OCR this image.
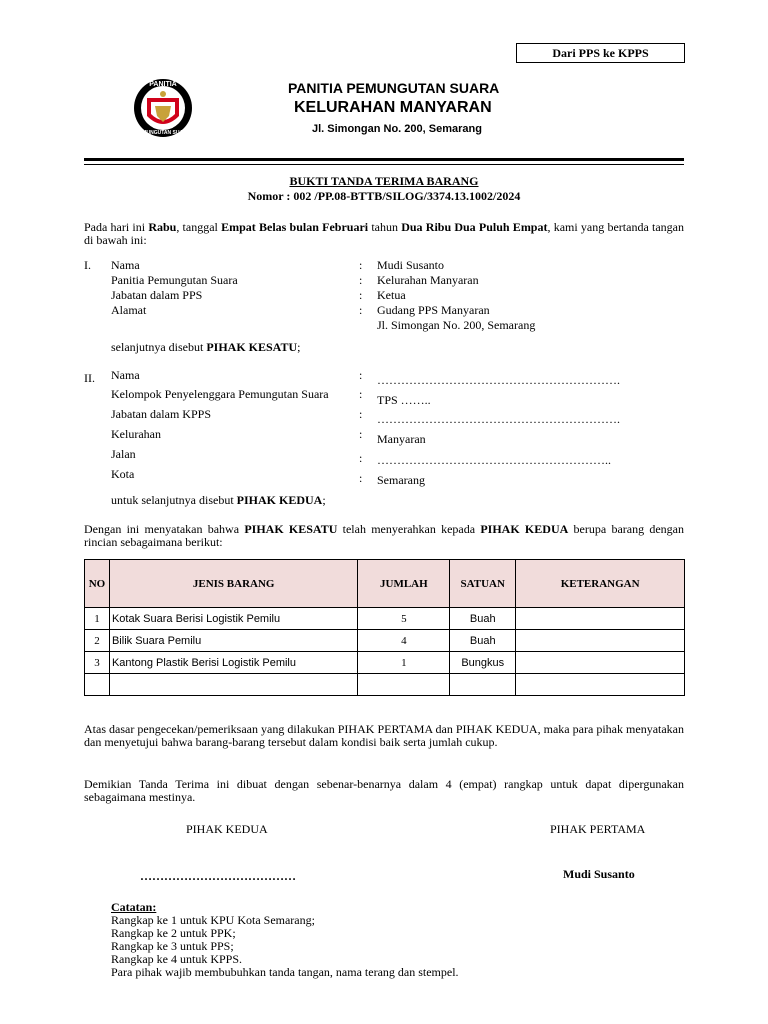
Dari PPS ke KPPS
PANITIA
PEMUNGUTAN SUARA
PANITIA PEMUNGUTAN SUARA
KELURAHAN MANYARAN
Jl. Simongan No. 200, Semarang
BUKTI TANDA TERIMA BARANG
Nomor : 002 /PP.08-BTTB/SILOG/3374.13.1002/2024
Pada hari ini Rabu, tanggal Empat Belas bulan Februari tahun Dua Ribu Dua Puluh Empat, kami yang bertanda tangan di bawah ini:
I. Nama	: Mudi Susanto
Panitia Pemungutan Suara	: Kelurahan Manyaran
Jabatan dalam PPS	: Ketua
Alamat	: Gudang PPS Manyaran
Jl. Simongan No. 200, Semarang
selanjutnya disebut PIHAK KESATU;
II. Nama	: …………………………………………………….
Kelompok Penyelenggara Pemungutan Suara	: TPS ……..
Jabatan dalam KPPS	: …………………………………………………….
Kelurahan	: Manyaran
Jalan	: …………………………………………………..
Kota	: Semarang
untuk selanjutnya disebut PIHAK KEDUA;
Dengan ini menyatakan bahwa PIHAK KESATU telah menyerahkan kepada PIHAK KEDUA berupa barang dengan rincian sebagaimana berikut:
NO	JENIS BARANG	JUMLAH	SATUAN	KETERANGAN
1	Kotak Suara Berisi Logistik Pemilu	5	Buah	
2	Bilik Suara Pemilu	4	Buah	
3	Kantong Plastik Berisi Logistik Pemilu	1	Bungkus	

Atas dasar pengecekan/pemeriksaan yang dilakukan PIHAK PERTAMA dan PIHAK KEDUA, maka para pihak menyatakan dan menyetujui bahwa barang-barang tersebut dalam kondisi baik serta jumlah cukup.
Demikian Tanda Terima ini dibuat dengan sebenar-benarnya dalam 4 (empat) rangkap untuk dapat dipergunakan sebagaimana mestinya.
PIHAK KEDUA	PIHAK PERTAMA
…………………………………	Mudi Susanto
Catatan:
Rangkap ke 1 untuk KPU Kota Semarang;
Rangkap ke 2 untuk PPK;
Rangkap ke 3 untuk PPS;
Rangkap ke 4 untuk KPPS.
Para pihak wajib membubuhkan tanda tangan, nama terang dan stempel.
